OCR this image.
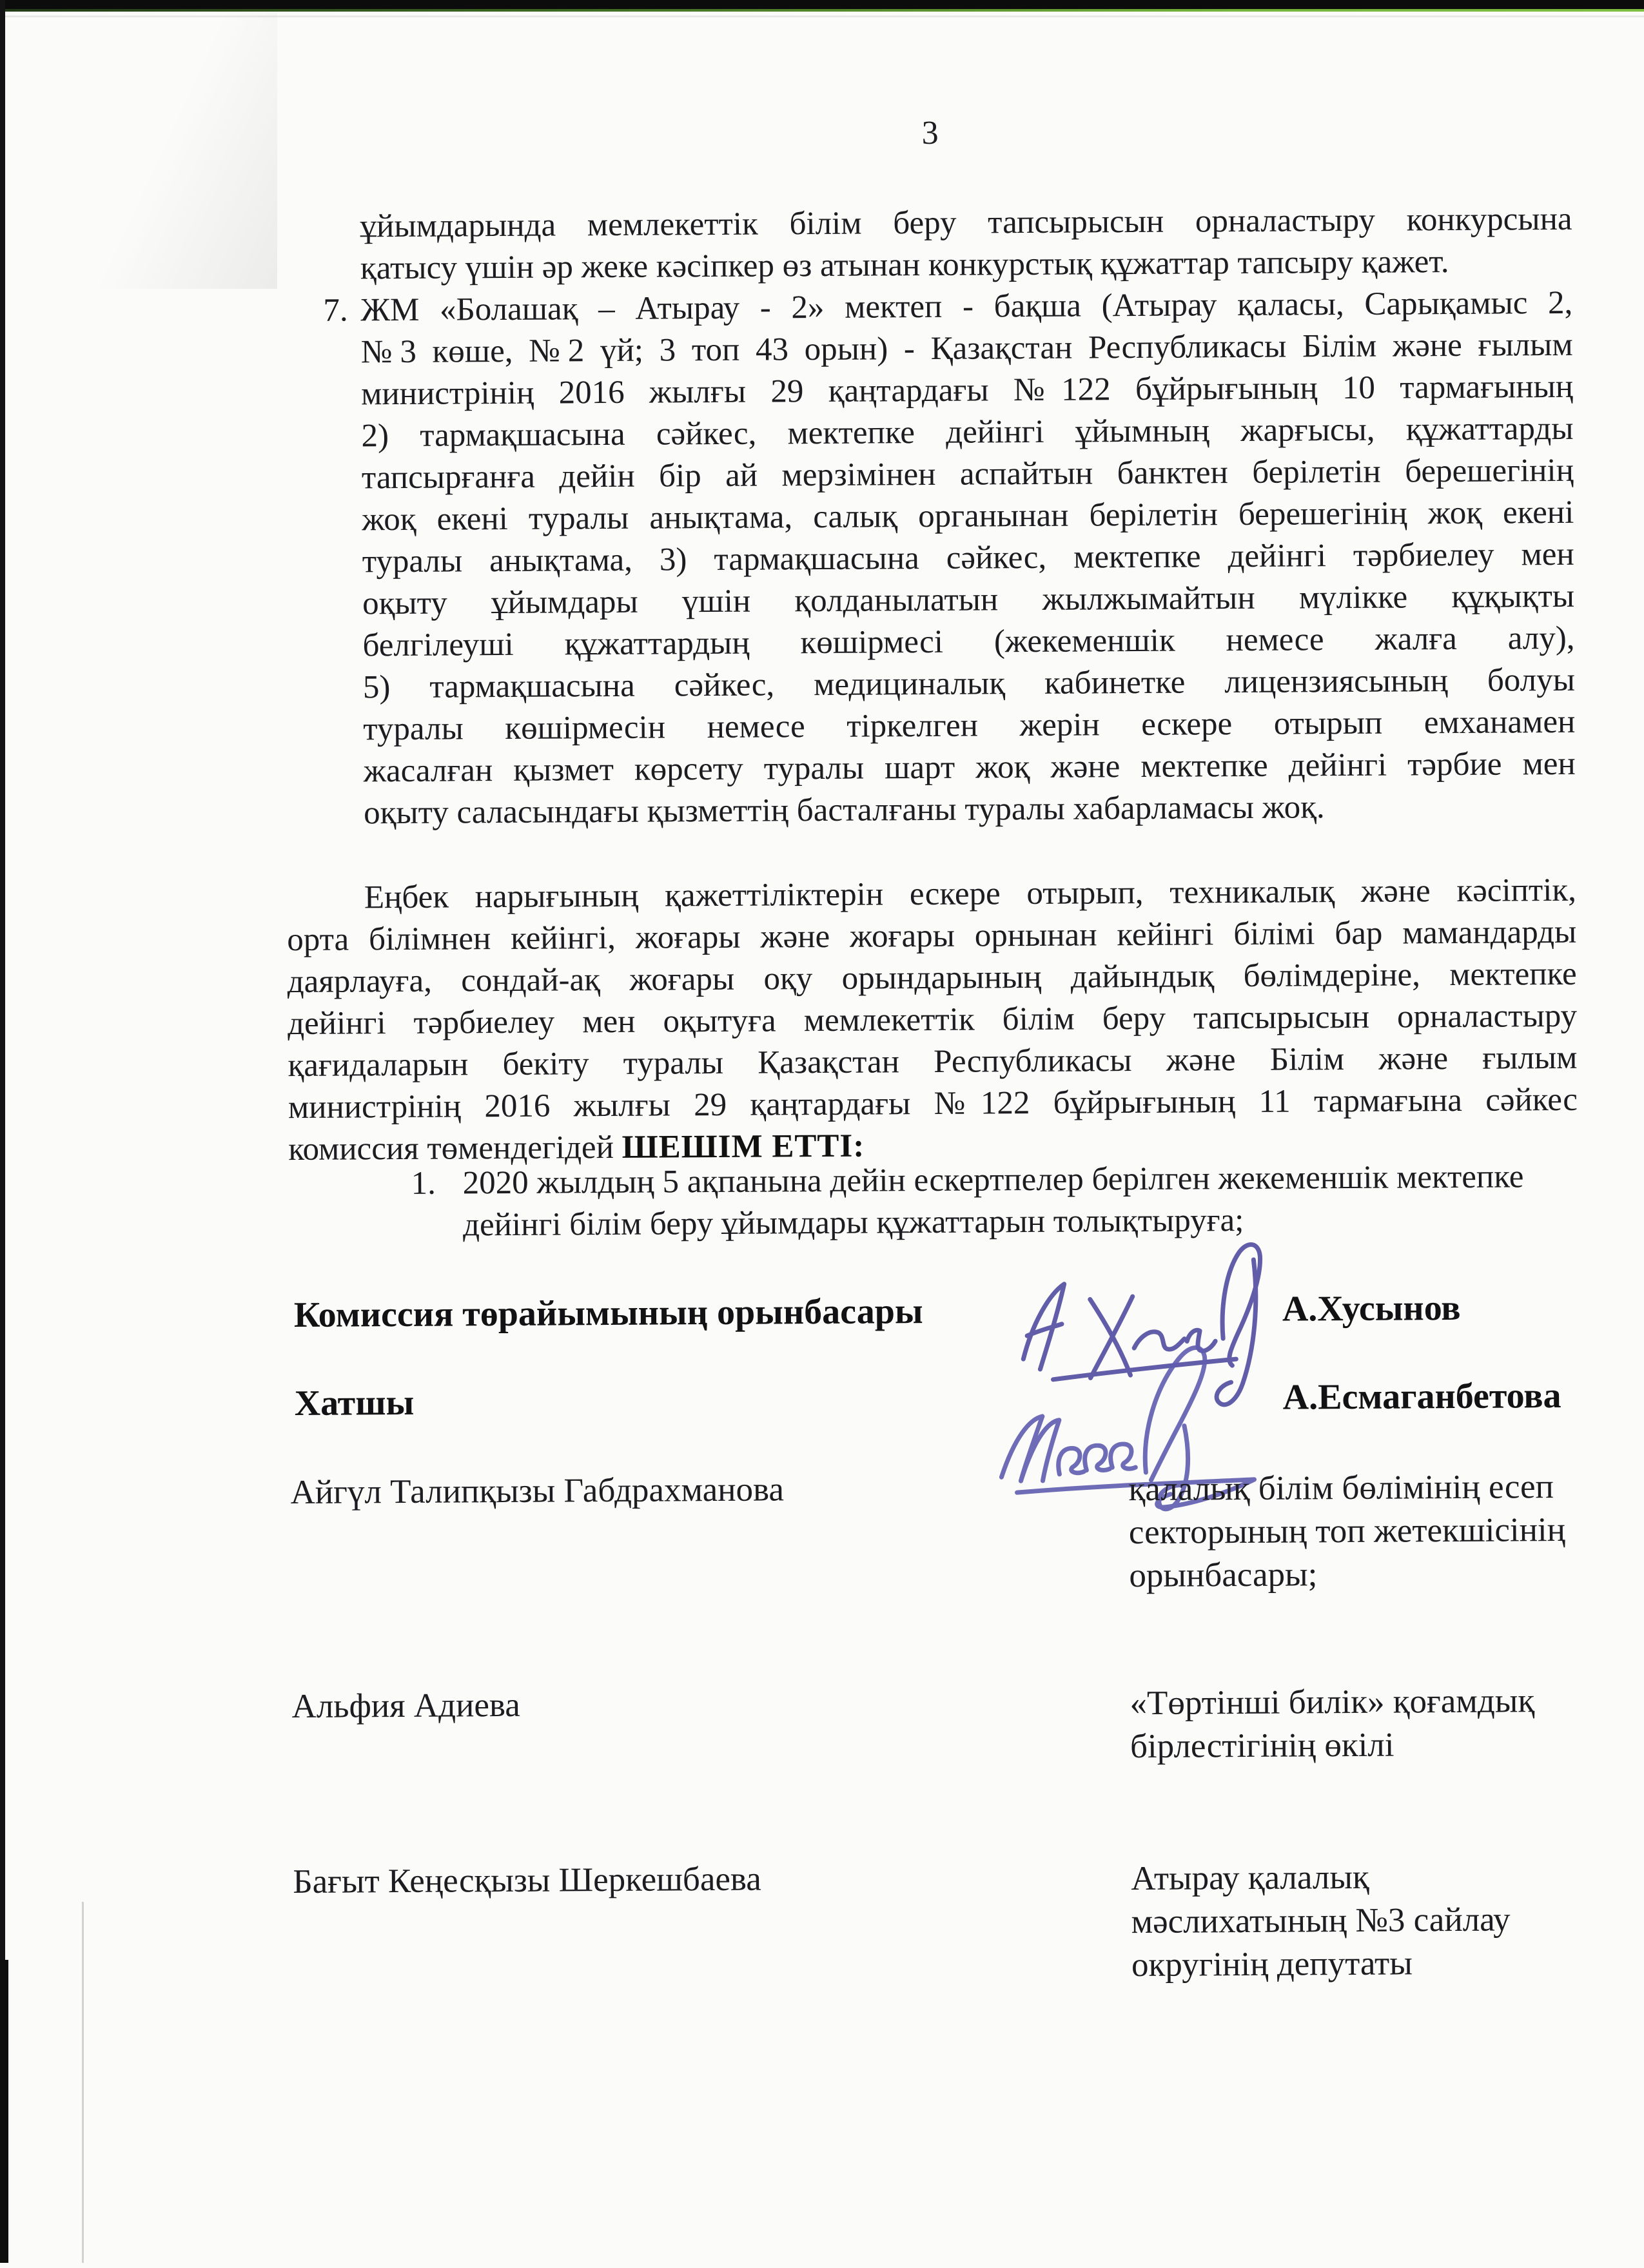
3
ұйымдарында мемлекеттік білім беру тапсырысын орналастыру конкурсына
қатысу үшін әр жеке кәсіпкер өз атынан конкурстық құжаттар тапсыру қажет.
7. ЖМ «Болашақ – Атырау - 2» мектеп - бақша (Атырау қаласы, Сарықамыс 2,
№3 көше, №2 үй; 3 топ 43 орын) - Қазақстан Республикасы Білім және ғылым
министрінің 2016 жылғы 29 қаңтардағы №122 бұйрығының 10 тармағының
2) тармақшасына сәйкес, мектепке дейінгі ұйымның жарғысы, құжаттарды
тапсырғанға дейін бір ай мерзімінен аспайтын банктен берілетін берешегінің
жоқ екені туралы анықтама, салық органынан берілетін берешегінің жоқ екені
туралы анықтама, 3) тармақшасына сәйкес, мектепке дейінгі тәрбиелеу мен
оқыту ұйымдары үшін қолданылатын жылжымайтын мүлікке құқықты
белгілеуші құжаттардың көшірмесі (жекеменшік немесе жалға алу),
5) тармақшасына сәйкес, медициналық кабинетке лицензиясының болуы
туралы көшірмесін немесе тіркелген жерін ескере отырып емханамен
жасалған қызмет көрсету туралы шарт жоқ және мектепке дейінгі тәрбие мен
оқыту саласындағы қызметтің басталғаны туралы хабарламасы жоқ.
Еңбек нарығының қажеттіліктерін ескере отырып, техникалық және кәсіптік,
орта білімнен кейінгі, жоғары және жоғары орнынан кейінгі білімі бар мамандарды
даярлауға, сондай-ақ жоғары оқу орындарының дайындық бөлімдеріне, мектепке
дейінгі тәрбиелеу мен оқытуға мемлекеттік білім беру тапсырысын орналастыру
қағидаларын бекіту туралы Қазақстан Республикасы және Білім және ғылым
министрінің 2016 жылғы 29 қаңтардағы №122 бұйрығының 11 тармағына сәйкес
комиссия төмендегідей ШЕШІМ ЕТТІ:
1. 2020 жылдың 5 ақпанына дейін ескертпелер берілген жекеменшік мектепке
дейінгі білім беру ұйымдары құжаттарын толықтыруға;
Комиссия төрайымының орынбасары	А.Хусынов
Хатшы	А.Есмаганбетова
Айгүл Талипқызы Габдрахманова	қалалық білім бөлімінің есеп
секторының топ жетекшісінің
орынбасары;
Альфия Адиева	«Төртінші билік» қоғамдық
бірлестігінің өкілі
Бағыт Кеңесқызы Шеркешбаева	Атырау қалалық
мәслихатының №3 сайлау
округінің депутаты
